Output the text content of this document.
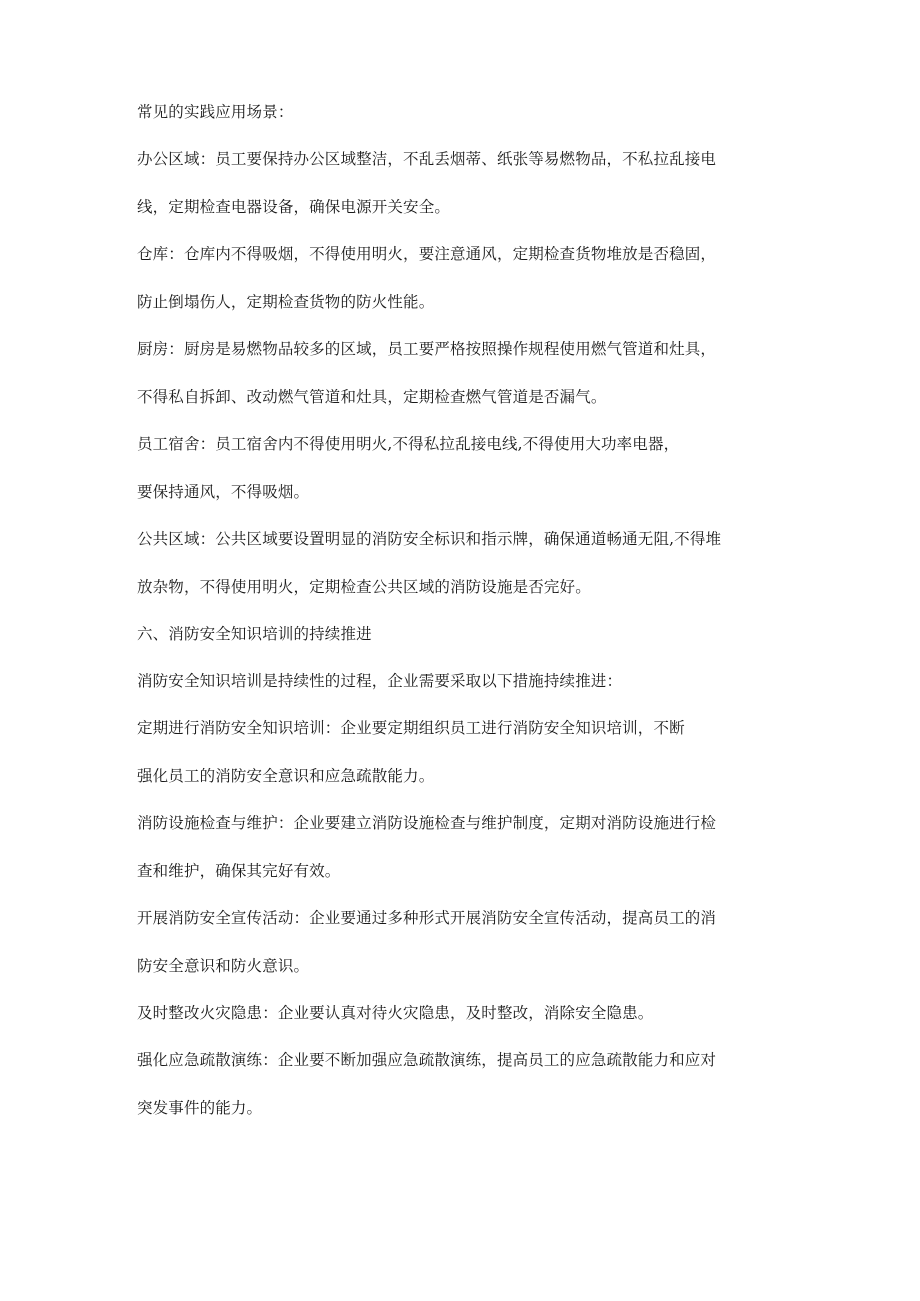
常见的实践应用场景：
办公区域：员工要保持办公区域整洁，不乱丢烟蒂、纸张等易燃物品，不私拉乱接电
线，定期检查电器设备，确保电源开关安全。
仓库：仓库内不得吸烟，不得使用明火，要注意通风，定期检查货物堆放是否稳固，
防止倒塌伤人，定期检查货物的防火性能。
厨房：厨房是易燃物品较多的区域，员工要严格按照操作规程使用燃气管道和灶具，
不得私自拆卸、改动燃气管道和灶具，定期检查燃气管道是否漏气。
员工宿舍：员工宿舍内不得使用明火,不得私拉乱接电线,不得使用大功率电器，
要保持通风，不得吸烟。
公共区域：公共区域要设置明显的消防安全标识和指示牌，确保通道畅通无阻,不得堆
放杂物，不得使用明火，定期检查公共区域的消防设施是否完好。
六、消防安全知识培训的持续推进
消防安全知识培训是持续性的过程，企业需要采取以下措施持续推进：
定期进行消防安全知识培训：企业要定期组织员工进行消防安全知识培训，不断
强化员工的消防安全意识和应急疏散能力。
消防设施检查与维护：企业要建立消防设施检查与维护制度，定期对消防设施进行检
查和维护，确保其完好有效。
开展消防安全宣传活动：企业要通过多种形式开展消防安全宣传活动，提高员工的消
防安全意识和防火意识。
及时整改火灾隐患：企业要认真对待火灾隐患，及时整改，消除安全隐患。
强化应急疏散演练：企业要不断加强应急疏散演练，提高员工的应急疏散能力和应对
突发事件的能力。
